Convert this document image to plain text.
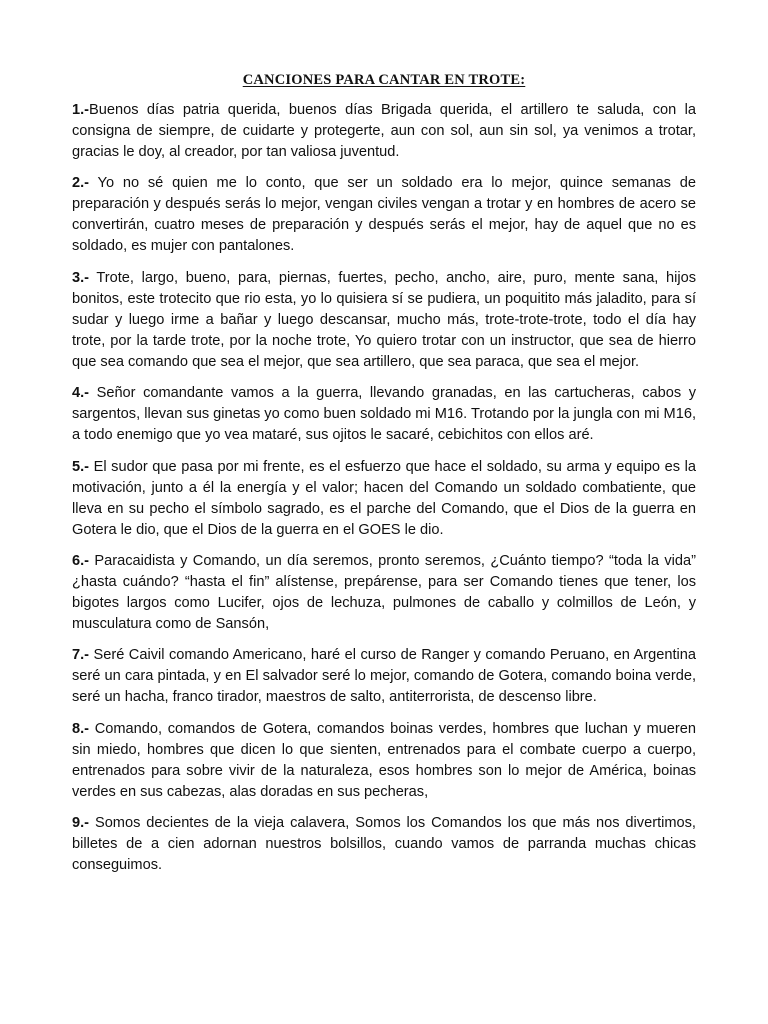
CANCIONES PARA CANTAR EN TROTE:

1.-Buenos días patria querida, buenos días Brigada querida, el artillero te saluda, con la consigna de siempre, de cuidarte y protegerte, aun con sol, aun sin sol, ya venimos a trotar, gracias le doy, al creador, por tan valiosa juventud.

2.- Yo no sé quien me lo conto, que ser un soldado era lo mejor, quince semanas de preparación y después serás lo mejor, vengan civiles vengan a trotar y en hombres de acero se convertirán, cuatro meses de preparación y después serás el mejor, hay de aquel que no es soldado, es mujer con pantalones.

3.- Trote, largo, bueno, para, piernas, fuertes, pecho, ancho, aire, puro, mente sana, hijos bonitos, este trotecito que rio esta, yo lo quisiera sí se pudiera, un poquitito más jaladito, para sí sudar y luego irme a bañar y luego descansar, mucho más, trote-trote-trote, todo el día hay trote, por la tarde trote, por la noche trote, Yo quiero trotar con un instructor, que sea de hierro que sea comando que sea el mejor, que sea artillero, que sea paraca, que sea el mejor.

4.- Señor comandante vamos a la guerra, llevando granadas, en las cartucheras, cabos y sargentos, llevan sus ginetas yo como buen soldado mi M16. Trotando por la jungla con mi M16, a todo enemigo que yo vea mataré, sus ojitos le sacaré, cebichitos con ellos aré.

5.- El sudor que pasa por mi frente, es el esfuerzo que hace el soldado, su arma y equipo es la motivación, junto a él la energía y el valor; hacen del Comando un soldado combatiente, que lleva en su pecho el símbolo sagrado, es el parche del Comando, que el Dios de la guerra en Gotera le dio, que el Dios de la guerra en el GOES le dio.

6.- Paracaidista y Comando, un día seremos, pronto seremos, ¿Cuánto tiempo? “toda la vida” ¿hasta cuándo? “hasta el fin” alístense, prepárense, para ser Comando tienes que tener, los bigotes largos como Lucifer, ojos de lechuza, pulmones de caballo y colmillos de León, y musculatura como de Sansón,

7.- Seré Caivil comando Americano, haré el curso de Ranger y comando Peruano, en Argentina seré un cara pintada, y en El salvador seré lo mejor, comando de Gotera, comando boina verde, seré un hacha, franco tirador, maestros de salto, antiterrorista, de descenso libre.

8.- Comando, comandos de Gotera, comandos boinas verdes, hombres que luchan y mueren sin miedo, hombres que dicen lo que sienten, entrenados para el combate cuerpo a cuerpo, entrenados para sobre vivir de la naturaleza, esos hombres son lo mejor de América, boinas verdes en sus cabezas, alas doradas en sus pecheras,

9.- Somos decientes de la vieja calavera, Somos los Comandos los que más nos divertimos, billetes de a cien adornan nuestros bolsillos, cuando vamos de parranda muchas chicas conseguimos.
